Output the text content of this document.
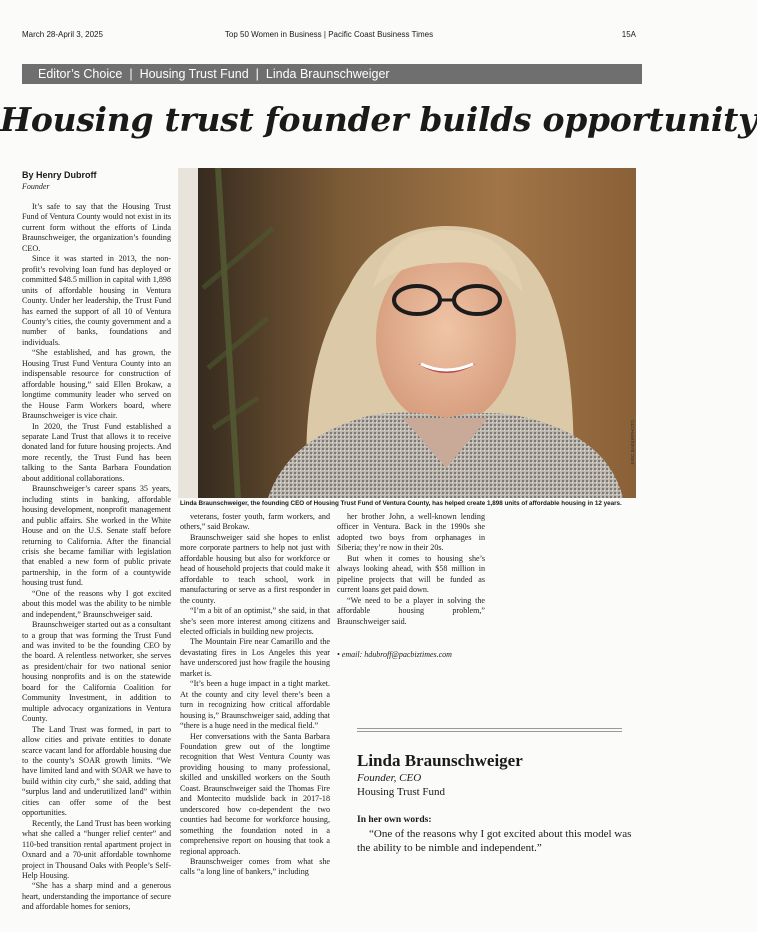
March 28-April 3, 2025	Top 50 Women in Business | Pacific Coast Business Times	15A
Editor’s Choice | Housing Trust Fund | Linda Braunschweiger
Housing trust founder builds opportunity
By Henry Dubroff
Founder

It’s safe to say that the Housing Trust Fund of Ventura County would not exist in its current form without the efforts of Linda Braunschweiger, the organization’s founding CEO.

Since it was started in 2013, the non-profit’s revolving loan fund has deployed or committed $48.5 million in capital with 1,898 units of affordable housing in Ventura County. Under her leadership, the Trust Fund has earned the support of all 10 of Ventura County’s cities, the county government and a number of banks, foundations and individuals.

“She established, and has grown, the Housing Trust Fund Ventura County into an indispensable resource for construction of affordable housing,” said Ellen Brokaw, a longtime community leader who served on the House Farm Workers board, where Braunschweiger is vice chair.

In 2020, the Trust Fund established a separate Land Trust that allows it to receive donated land for future housing projects. And more recently, the Trust Fund has been talking to the Santa Barbara Foundation about additional collaborations.

Braunschweiger’s career spans 35 years, including stints in banking, affordable housing development, nonprofit management and public affairs. She worked in the White House and on the U.S. Senate staff before returning to California. After the financial crisis she became familiar with legislation that enabled a new form of public private partnership, in the form of a countywide housing trust fund.

“One of the reasons why I got excited about this model was the ability to be nimble and independent,” Braunschweiger said.

Braunschweiger started out as a consultant to a group that was forming the Trust Fund and was invited to be the founding CEO by the board. A relentless networker, she serves as president/chair for two national senior housing nonprofits and is on the statewide board for the California Coalition for Community Investment, in addition to multiple advocacy organizations in Ventura County.

The Land Trust was formed, in part to allow cities and private entities to donate scarce vacant land for affordable housing due to the county’s SOAR growth limits. “We have limited land and with SOAR we have to build within city curb,” she said, adding that “surplus land and underutilized land” within cities can offer some of the best opportunities.

Recently, the Land Trust has been working what she called a “hunger relief center” and 110-bed transition rental apartment project in Oxnard and a 70-unit affordable townhome project in Thousand Oaks with People’s Self-Help Housing.

“She has a sharp mind and a generous heart, understanding the importance of secure and affordable homes for seniors,

ERIC BAKER/PHOTO
Linda Braunschweiger, the founding CEO of Housing Trust Fund of Ventura County, has helped create 1,898 units of affordable housing in 12 years.

veterans, foster youth, farm workers, and others,” said Brokaw.

Braunschweiger said she hopes to enlist more corporate partners to help not just with affordable housing but also for workforce or head of household projects that could make it affordable to teach school, work in manufacturing or serve as a first responder in the county.

“I’m a bit of an optimist,” she said, in that she’s seen more interest among citizens and elected officials in building new projects.

The Mountain Fire near Camarillo and the devastating fires in Los Angeles this year have underscored just how fragile the housing market is.

“It’s been a huge impact in a tight market. At the county and city level there’s been a turn in recognizing how critical affordable housing is,” Braunschweiger said, adding that “there is a huge need in the medical field.”

Her conversations with the Santa Barbara Foundation grew out of the longtime recognition that West Ventura County was providing housing to many professional, skilled and unskilled workers on the South Coast. Braunschweiger said the Thomas Fire and Montecito mudslide back in 2017-18 underscored how co-dependent the two counties had become for workforce housing, something the foundation noted in a comprehensive report on housing that took a regional approach.

Braunschweiger comes from what she calls “a long line of bankers,” including

her brother John, a well-known lending officer in Ventura. Back in the 1990s she adopted two boys from orphanages in Siberia; they’re now in their 20s.

But when it comes to housing she’s always looking ahead, with $58 million in pipeline projects that will be funded as current loans get paid down.

“We need to be a player in solving the affordable housing problem,” Braunschweiger said.

• email: hdubroff@pacbiztimes.com
Linda Braunschweiger
Founder, CEO
Housing Trust Fund
In her own words:
“One of the reasons why I got excited about this model was the ability to be nimble and independent.”
